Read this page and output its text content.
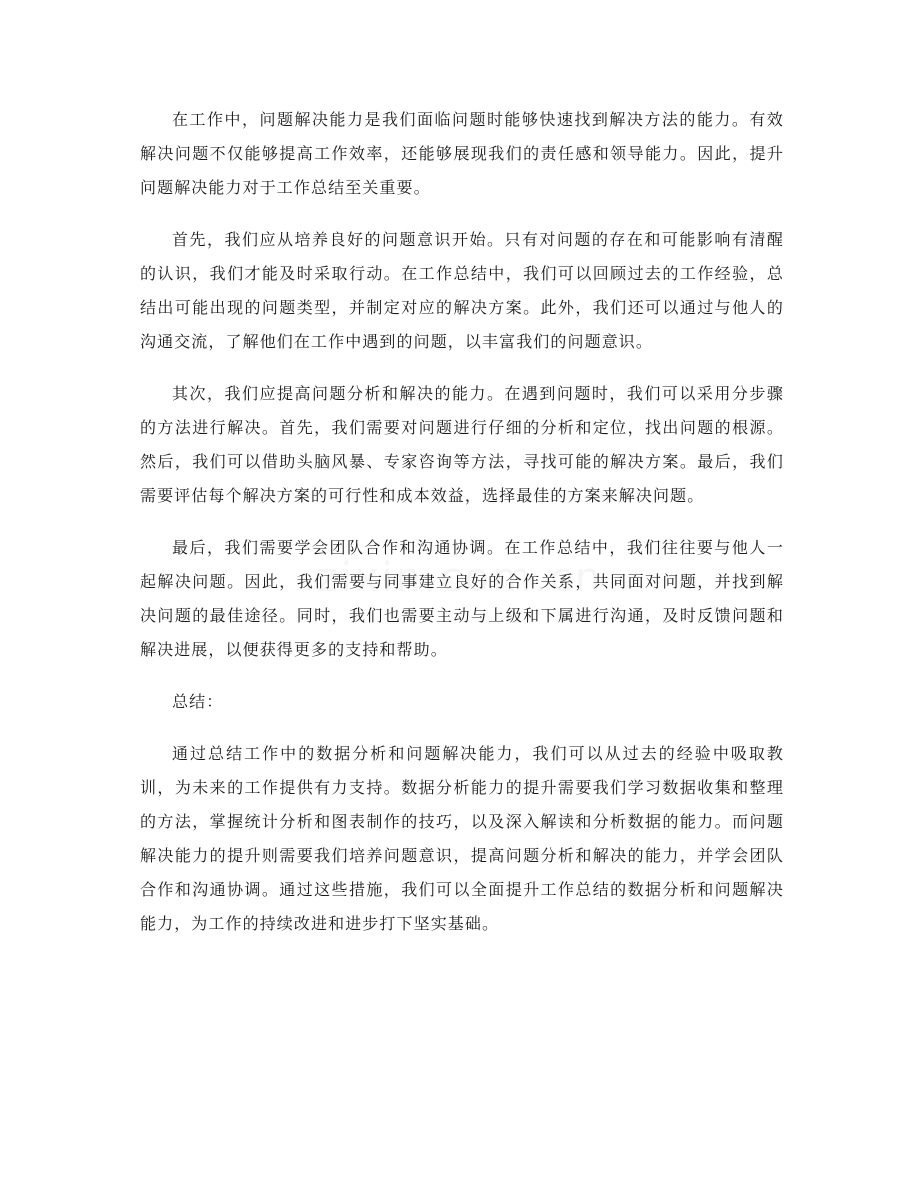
在工作中，问题解决能力是我们面临问题时能够快速找到解决方法的能力。有效解决问题不仅能够提高工作效率，还能够展现我们的责任感和领导能力。因此，提升问题解决能力对于工作总结至关重要。

首先，我们应从培养良好的问题意识开始。只有对问题的存在和可能影响有清醒的认识，我们才能及时采取行动。在工作总结中，我们可以回顾过去的工作经验，总结出可能出现的问题类型，并制定对应的解决方案。此外，我们还可以通过与他人的沟通交流，了解他们在工作中遇到的问题，以丰富我们的问题意识。

其次，我们应提高问题分析和解决的能力。在遇到问题时，我们可以采用分步骤的方法进行解决。首先，我们需要对问题进行仔细的分析和定位，找出问题的根源。然后，我们可以借助头脑风暴、专家咨询等方法，寻找可能的解决方案。最后，我们需要评估每个解决方案的可行性和成本效益，选择最佳的方案来解决问题。

最后，我们需要学会团队合作和沟通协调。在工作总结中，我们往往要与他人一起解决问题。因此，我们需要与同事建立良好的合作关系，共同面对问题，并找到解决问题的最佳途径。同时，我们也需要主动与上级和下属进行沟通，及时反馈问题和解决进展，以便获得更多的支持和帮助。

总结：

通过总结工作中的数据分析和问题解决能力，我们可以从过去的经验中吸取教训，为未来的工作提供有力支持。数据分析能力的提升需要我们学习数据收集和整理的方法，掌握统计分析和图表制作的技巧，以及深入解读和分析数据的能力。而问题解决能力的提升则需要我们培养问题意识，提高问题分析和解决的能力，并学会团队合作和沟通协调。通过这些措施，我们可以全面提升工作总结的数据分析和问题解决能力，为工作的持续改进和进步打下坚实基础。
